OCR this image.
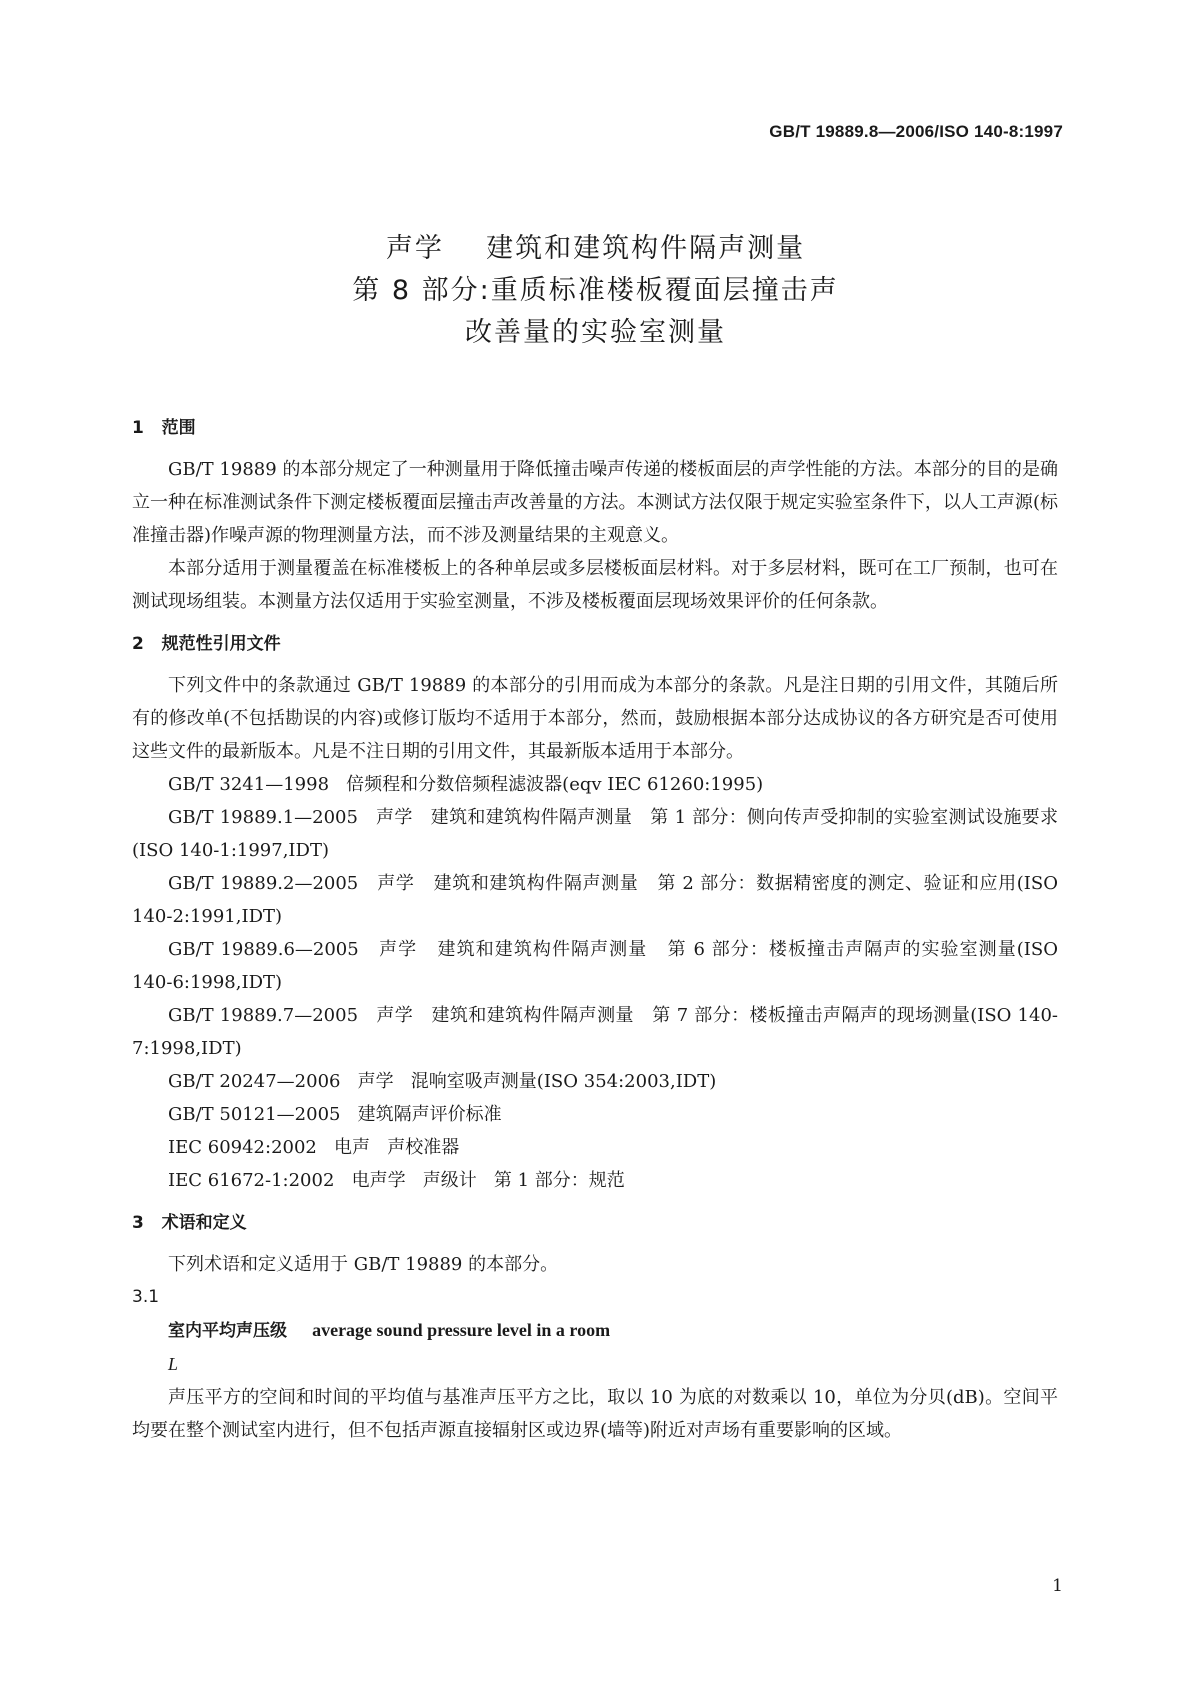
GB/T 19889.8—2006/ISO 140-8:1997
声学    建筑和建筑构件隔声测量
第 8 部分:重质标准楼板覆面层撞击声
改善量的实验室测量

1   范围

GB/T 19889 的本部分规定了一种测量用于降低撞击噪声传递的楼板面层的声学性能的方法。本部分的目的是确立一种在标准测试条件下测定楼板覆面层撞击声改善量的方法。本测试方法仅限于规定实验室条件下，以人工声源(标准撞击器)作噪声源的物理测量方法，而不涉及测量结果的主观意义。

本部分适用于测量覆盖在标准楼板上的各种单层或多层楼板面层材料。对于多层材料，既可在工厂预制，也可在测试现场组装。本测量方法仅适用于实验室测量，不涉及楼板覆面层现场效果评价的任何条款。

2   规范性引用文件

下列文件中的条款通过 GB/T 19889 的本部分的引用而成为本部分的条款。凡是注日期的引用文件，其随后所有的修改单(不包括勘误的内容)或修订版均不适用于本部分，然而，鼓励根据本部分达成协议的各方研究是否可使用这些文件的最新版本。凡是不注日期的引用文件，其最新版本适用于本部分。

GB/T 3241—1998   倍频程和分数倍频程滤波器(eqv IEC 61260:1995)

GB/T 19889.1—2005   声学   建筑和建筑构件隔声测量   第 1 部分：侧向传声受抑制的实验室测试设施要求(ISO 140-1:1997,IDT)

GB/T 19889.2—2005   声学   建筑和建筑构件隔声测量   第 2 部分：数据精密度的测定、验证和应用(ISO 140-2:1991,IDT)

GB/T 19889.6—2005   声学   建筑和建筑构件隔声测量   第 6 部分：楼板撞击声隔声的实验室测量(ISO 140-6:1998,IDT)

GB/T 19889.7—2005   声学   建筑和建筑构件隔声测量   第 7 部分：楼板撞击声隔声的现场测量(ISO 140-7:1998,IDT)

GB/T 20247—2006   声学   混响室吸声测量(ISO 354:2003,IDT)

GB/T 50121—2005   建筑隔声评价标准

IEC 60942:2002   电声   声校准器

IEC 61672-1:2002   电声学   声级计   第 1 部分：规范

3   术语和定义

下列术语和定义适用于 GB/T 19889 的本部分。

3.1

室内平均声压级 average sound pressure level in a room

L

声压平方的空间和时间的平均值与基准声压平方之比，取以 10 为底的对数乘以 10，单位为分贝(dB)。空间平均要在整个测试室内进行，但不包括声源直接辐射区或边界(墙等)附近对声场有重要影响的区域。

1
